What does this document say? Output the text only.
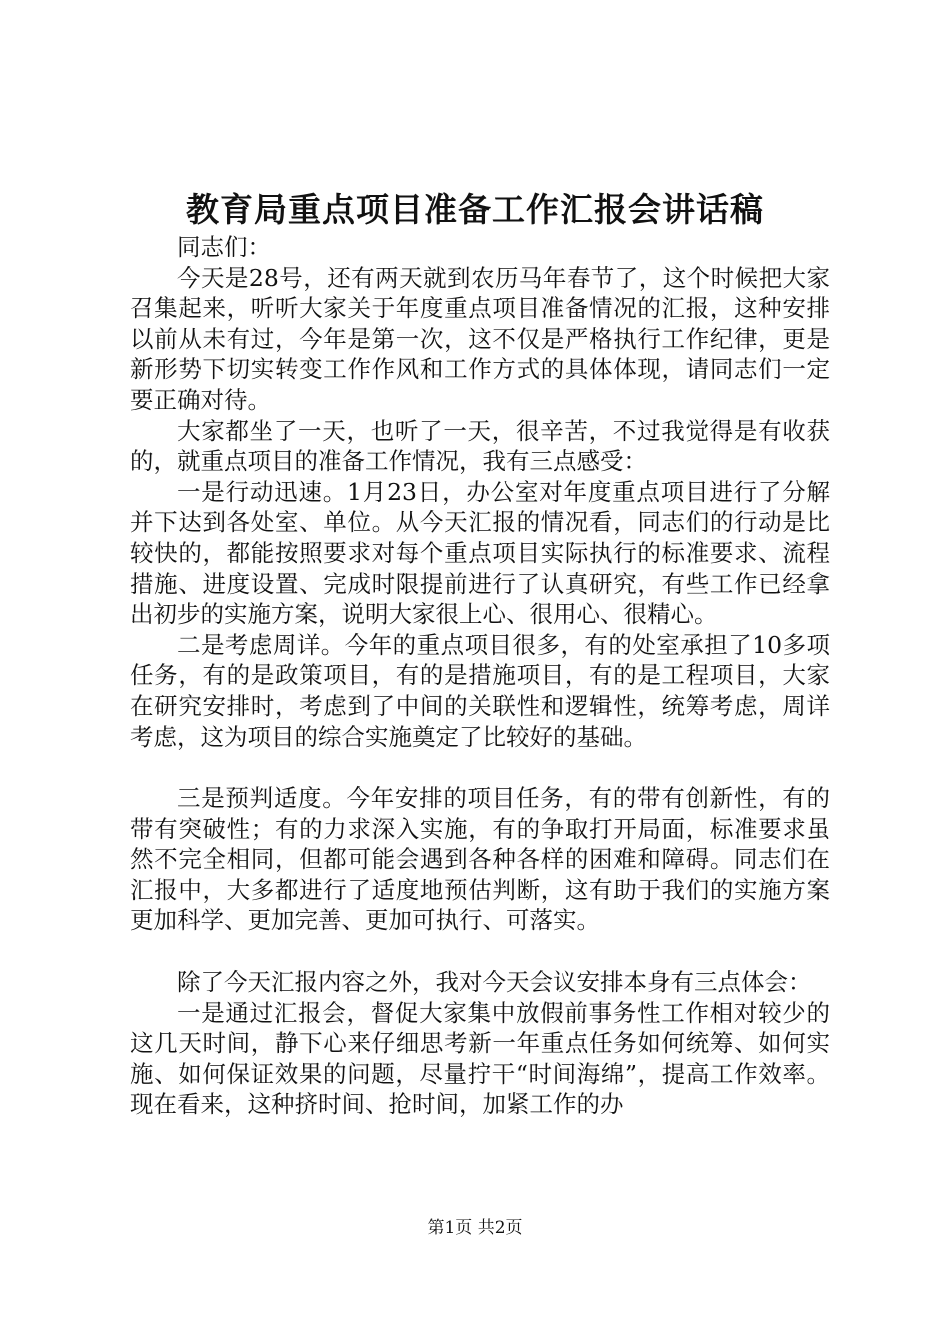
教育局重点项目准备工作汇报会讲话稿

同志们：

今天是28号，还有两天就到农历马年春节了，这个时候把大家召集起来，听听大家关于年度重点项目准备情况的汇报，这种安排以前从未有过，今年是第一次，这不仅是严格执行工作纪律，更是新形势下切实转变工作作风和工作方式的具体体现，请同志们一定要正确对待。

大家都坐了一天，也听了一天，很辛苦，不过我觉得是有收获的，就重点项目的准备工作情况，我有三点感受：

一是行动迅速。1月23日，办公室对年度重点项目进行了分解并下达到各处室、单位。从今天汇报的情况看，同志们的行动是比较快的，都能按照要求对每个重点项目实际执行的标准要求、流程措施、进度设置、完成时限提前进行了认真研究，有些工作已经拿出初步的实施方案，说明大家很上心、很用心、很精心。

二是考虑周详。今年的重点项目很多，有的处室承担了10多项任务，有的是政策项目，有的是措施项目，有的是工程项目，大家在研究安排时，考虑到了中间的关联性和逻辑性，统筹考虑，周详考虑，这为项目的综合实施奠定了比较好的基础。

三是预判适度。今年安排的项目任务，有的带有创新性，有的带有突破性；有的力求深入实施，有的争取打开局面，标准要求虽然不完全相同，但都可能会遇到各种各样的困难和障碍。同志们在汇报中，大多都进行了适度地预估判断，这有助于我们的实施方案更加科学、更加完善、更加可执行、可落实。

除了今天汇报内容之外，我对今天会议安排本身有三点体会：

一是通过汇报会，督促大家集中放假前事务性工作相对较少的这几天时间，静下心来仔细思考新一年重点任务如何统筹、如何实施、如何保证效果的问题，尽量拧干“时间海绵”，提高工作效率。现在看来，这种挤时间、抢时间，加紧工作的办

第1页 共2页
